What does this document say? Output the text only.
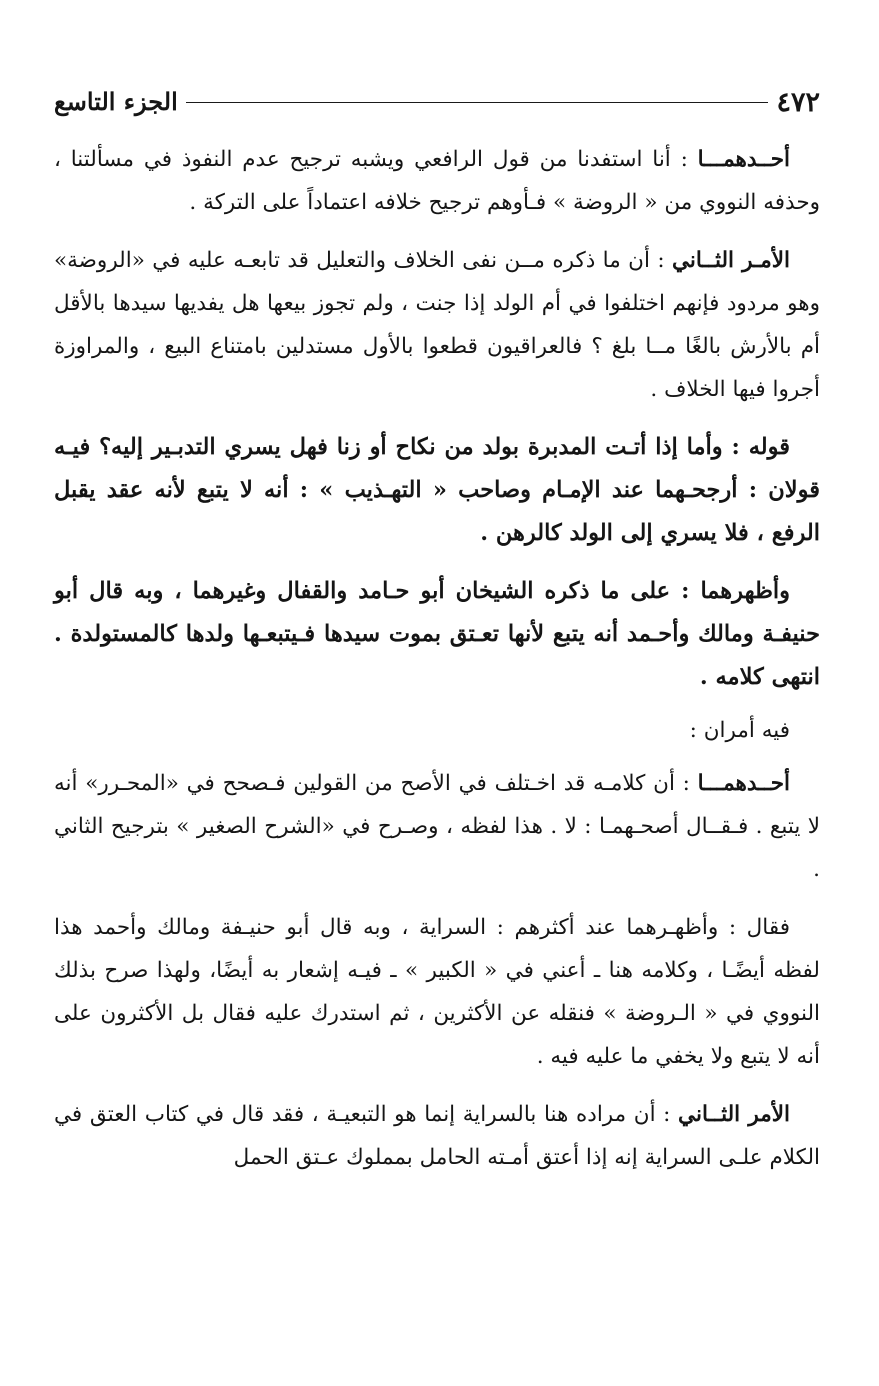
٤٧٢
الجزء التاسع

أحــدهمـــا : أنا استفدنا من قول الرافعي ويشبه ترجيح عدم النفوذ في مسألتنا ، وحذفه النووي من « الروضة » فـأوهم ترجيح خلافه اعتماداً على التركة .

الأمـر الثــاني : أن ما ذكره مــن نفى الخلاف والتعليل قد تابعـه عليه في «الروضة» وهو مردود فإنهم اختلفوا في أم الولد إذا جنت ، ولم تجوز بيعها هل يفديها سيدها بالأقل أم بالأرش بالغًا مــا بلغ ؟ فالعراقيون قطعوا بالأول مستدلين بامتناع البيع ، والمراوزة أجروا فيها الخلاف .

قوله : وأما إذا أتـت المدبرة بولد من نكاح أو زنا فهل يسري التدبـير إليه؟ فيـه قولان : أرجحـهما عند الإمـام وصاحب « التهـذيب » : أنه لا يتبع لأنه عقد يقبل الرفع ، فلا يسري إلى الولد كالرهن .

وأظهرهما : على ما ذكره الشيخان أبو حـامد والقفال وغيرهما ، وبه قال أبو حنيفـة ومالك وأحـمد أنه يتبع لأنها تعـتق بموت سيدها فـيتبعـها ولدها كالمستولدة . انتهى كلامه .

فيه أمران :

أحــدهمـــا : أن كلامـه قد اخـتلف في الأصح من القولين فـصحح في «المحـرر» أنه لا يتبع . فـقــال أصحـهمـا : لا . هذا لفظه ، وصـرح في «الشرح الصغير » بترجيح الثاني .

فقال : وأظهـرهما عند أكثرهم : السراية ، وبه قال أبو حنيـفة ومالك وأحمد هذا لفظه أيضًـا ، وكلامه هنا ـ أعني في « الكبير » ـ فيـه إشعار به أيضًا، ولهذا صرح بذلك النووي في « الـروضة » فنقله عن الأكثرين ، ثم استدرك عليه فقال بل الأكثرون على أنه لا يتبع ولا يخفي ما عليه فيه .

الأمر الثــاني : أن مراده هنا بالسراية إنما هو التبعيـة ، فقد قال في كتاب العتق في الكلام علـى السراية إنه إذا أعتق أمـته الحامل بمملوك عـتق الحمل
